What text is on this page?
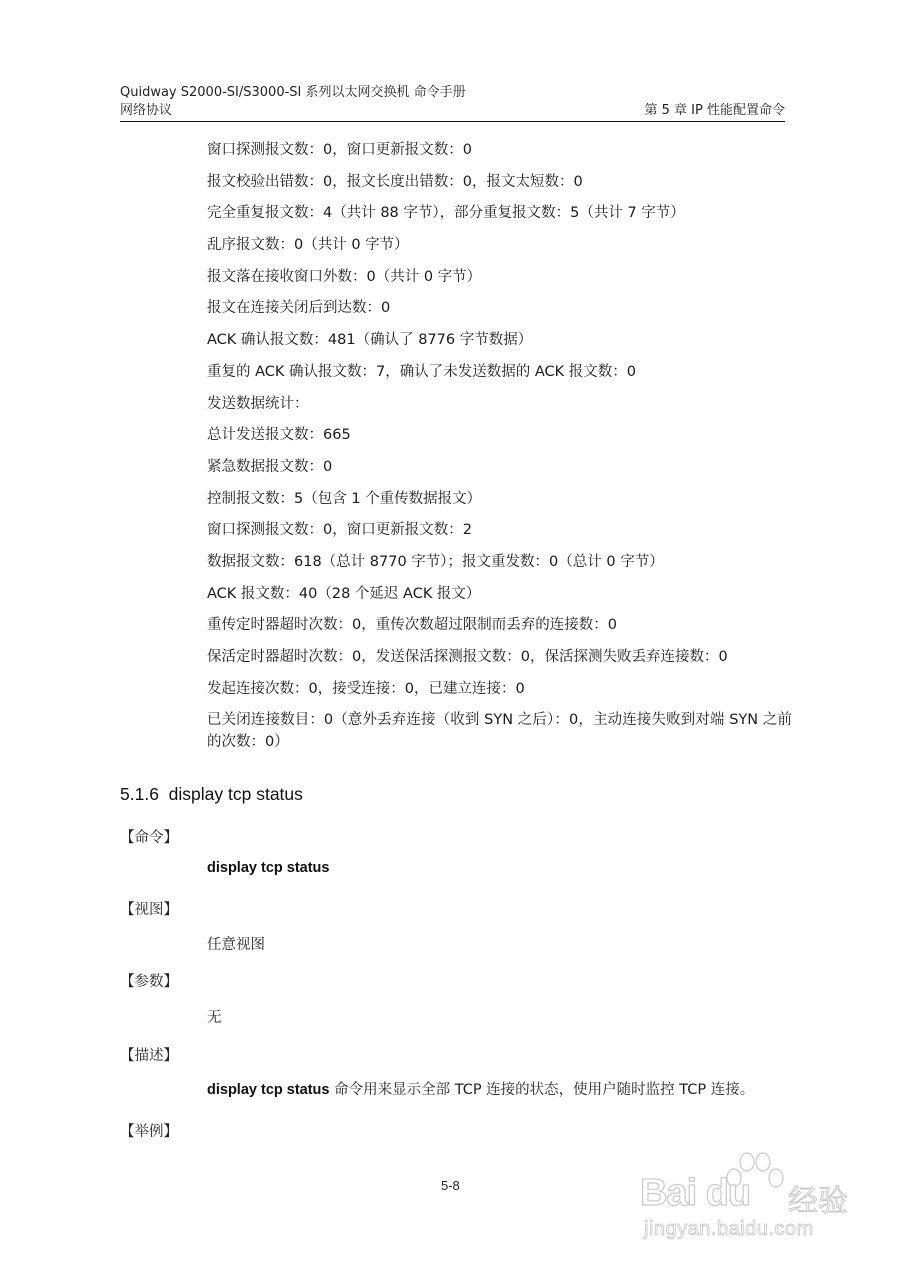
Quidway S2000-SI/S3000-SI 系列以太网交换机 命令手册
网络协议	第 5 章 IP 性能配置命令
窗口探测报文数：0，窗口更新报文数：0
报文校验出错数：0，报文长度出错数：0，报文太短数：0
完全重复报文数：4（共计 88 字节），部分重复报文数：5（共计 7 字节）
乱序报文数：0（共计 0 字节）
报文落在接收窗口外数：0（共计 0 字节）
报文在连接关闭后到达数：0
ACK 确认报文数：481（确认了 8776 字节数据）
重复的 ACK 确认报文数：7，确认了未发送数据的 ACK 报文数：0
发送数据统计：
总计发送报文数：665
紧急数据报文数：0
控制报文数：5（包含 1 个重传数据报文）
窗口探测报文数：0，窗口更新报文数：2
数据报文数：618（总计 8770 字节）；报文重发数：0（总计 0 字节）
ACK 报文数：40（28 个延迟 ACK 报文）
重传定时器超时次数：0，重传次数超过限制而丢弃的连接数：0
保活定时器超时次数：0，发送保活探测报文数：0，保活探测失败丢弃连接数：0
发起连接次数：0，接受连接：0，已建立连接：0
已关闭连接数目：0（意外丢弃连接（收到 SYN 之后）：0，主动连接失败到对端 SYN 之前的次数：0）
5.1.6 display tcp status
【命令】
display tcp status
【视图】
任意视图
【参数】
无
【描述】
display tcp status 命令用来显示全部 TCP 连接的状态，使用户随时监控 TCP 连接。
【举例】
5-8	Bai du 经验
jingyan.baidu.com
